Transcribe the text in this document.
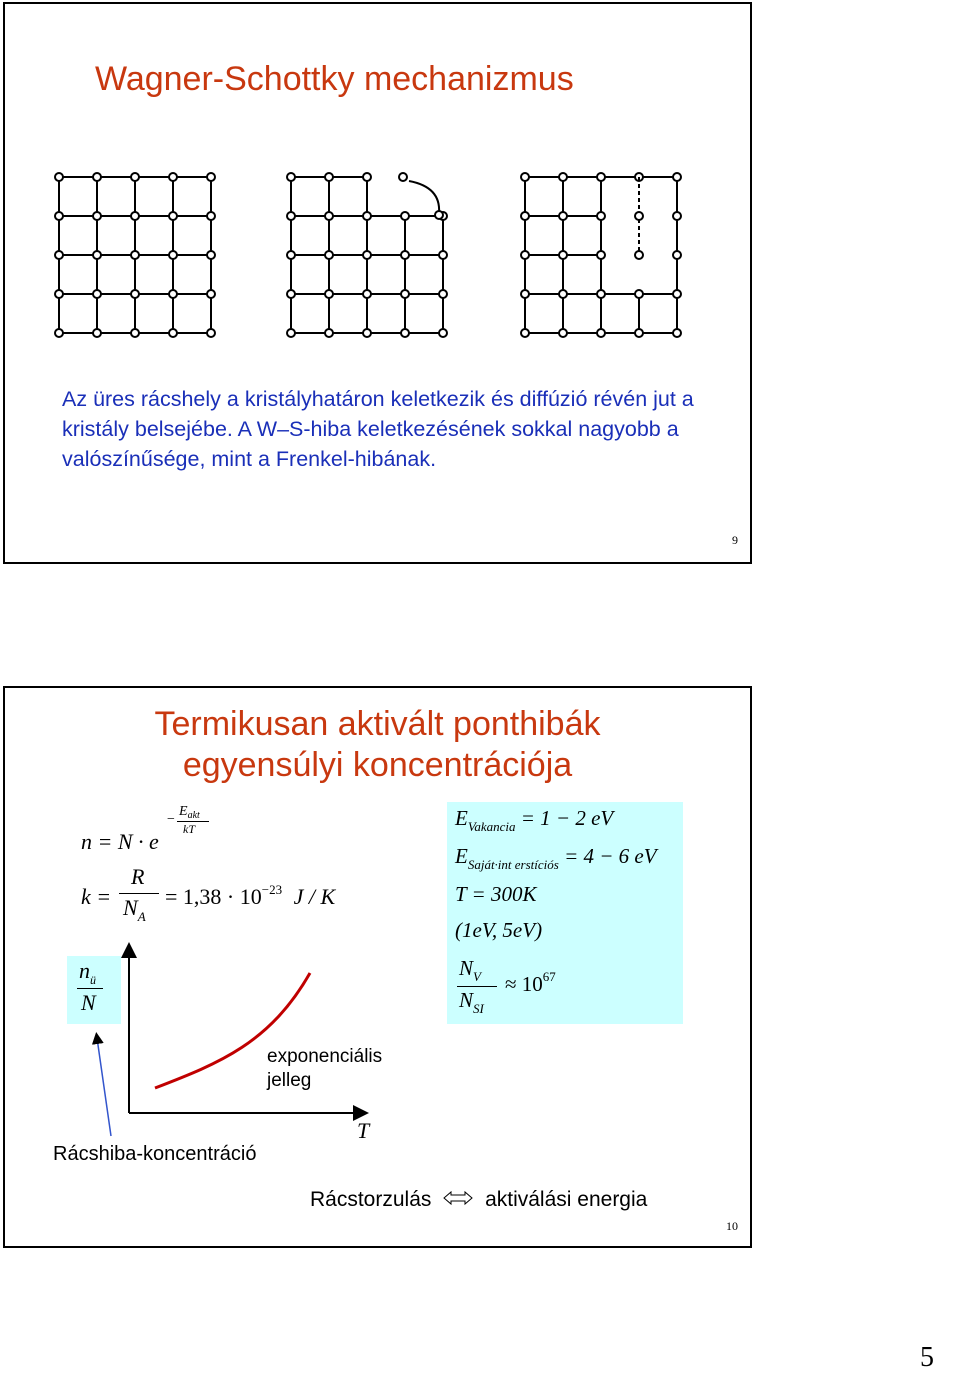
Wagner-Schottky mechanizmus
Az üres rácshely a kristályhatáron keletkezik és diffúzió révén jut a kristály belsejébe. A W–S-hiba keletkezésének sokkal nagyobb a valószínűsége, mint a Frenkel-hibának.
9
Termikusan aktivált ponthibák
egyensúlyi koncentrációja
n = N · e
−
$E_{akt}$
kT
k =
R
$N_A$
= $1,38 \cdot 10^{-23}$ J / K
$n_ü$
N
$E_{Vakancia} = 1 - 2$ eV
$E_{Saját\cdot int erstíciós} = 4 - 6$ eV
T = 300K
(1eV, 5eV)
$N_V$
$N_{SI}$
≈ $10^{67}$
exponenciális
jelleg
T
Rácshiba-koncentráció
Rácstorzulás	aktiválási energia
10
5
